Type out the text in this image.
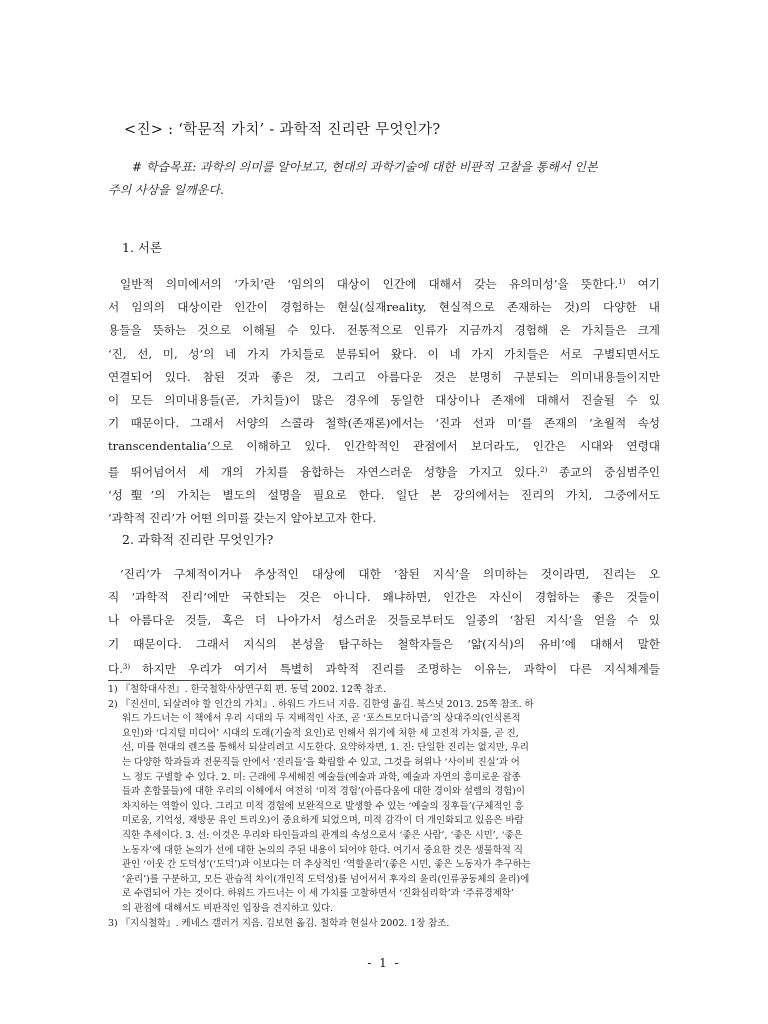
<진> : ‘학문적 가치’ - 과학적 진리란 무엇인가?
# 학습목표: 과학의 의미를 알아보고, 현대의 과학기술에 대한 비판적 고찰을 통해서 인본
주의 사상을 일깨운다.
1. 서론
일반적 의미에서의 ‘가치’란 ‘임의의 대상이 인간에 대해서 갖는 유의미성’을 뜻한다.$^{1)}$ 여기
서 임의의 대상이란 인간이 경험하는 현실(실재reality, 현실적으로 존재하는 것)의 다양한 내
용들을 뜻하는 것으로 이해될 수 있다. 전통적으로 인류가 지금까지 경험해 온 가치들은 크게
‘진, 선, 미, 성’의 네 가지 가치들로 분류되어 왔다. 이 네 가지 가치들은 서로 구별되면서도
연결되어 있다. 참된 것과 좋은 것, 그리고 아름다운 것은 분명히 구분되는 의미내용들이지만
이 모든 의미내용들(곧, 가치들)이 많은 경우에 동일한 대상이나 존재에 대해서 진술될 수 있
기 때문이다. 그래서 서양의 스콜라 철학(존재론)에서는 ‘진과 선과 미’를 존재의 ‘초월적 속성
transcendentalia’으로 이해하고 있다. 인간학적인 관점에서 보더라도, 인간은 시대와 연령대
를 뛰어넘어서 세 개의 가치를 융합하는 자연스러운 성향을 가지고 있다.$^{2)}$ 종교의 중심범주인
‘성聖’의 가치는 별도의 설명을 필요로 한다. 일단 본 강의에서는 진리의 가치, 그중에서도
‘과학적 진리’가 어떤 의미를 갖는지 알아보고자 한다.
2. 과학적 진리란 무엇인가?
‘진리’가 구체적이거나 추상적인 대상에 대한 ‘참된 지식’을 의미하는 것이라면, 진리는 오
직 ‘과학적 진리’에만 국한되는 것은 아니다. 왜냐하면, 인간은 자신이 경험하는 좋은 것들이
나 아름다운 것들, 혹은 더 나아가서 성스러운 것들로부터도 일종의 ‘참된 지식’을 얻을 수 있
기 때문이다. 그래서 지식의 본성을 탐구하는 철학자들은 ‘앎(지식)의 유비’에 대해서 말한
다.$^{3)}$ 하지만 우리가 여기서 특별히 과학적 진리를 조명하는 이유는, 과학이 다른 지식체계들
1) 『철학대사전』. 한국철학사상연구회 편. 동녘 2002. 12쪽 참조.
2) 『진선미, 되살려야 할 인간의 가치』. 하워드 가드너 지음. 김한영 옮김. 북스넛 2013. 25쪽 참조. 하
워드 가드너는 이 책에서 우리 시대의 두 지배적인 사조, 곧 ‘포스트모더니즘’의 상대주의(인식론적
요인)와 ‘디지털 미디어’ 시대의 도래(기술적 요인)로 인해서 위기에 처한 세 고전적 가치를, 곧 진,
선, 미를 현대의 렌즈를 통해서 되살리려고 시도한다. 요약하자면, 1. 진: 단일한 진리는 없지만, 우리
는 다양한 학과들과 전문직들 안에서 ‘진리들’을 확립할 수 있고, 그것을 허위나 ‘사이비 진실’과 어
느 정도 구별할 수 있다. 2. 미: 근래에 우세해진 예술들(예술과 과학, 예술과 자연의 흥미로운 잡종
들과 혼합물들)에 대한 우리의 이해에서 여전히 ‘미적 경험’(아름다움에 대한 경이와 설렘의 경험)이
차지하는 역할이 있다. 그리고 미적 경험에 보완적으로 발생할 수 있는 ‘예술의 징후들’(구체적인 흥
미로움, 기억성, 재방문 유인 트리오)이 중요하게 되었으며, 미적 감각이 더 개인화되고 있음은 바람
직한 추세이다. 3. 선: 이것은 우리와 타인들과의 관계의 속성으로서 ‘좋은 사람’, ‘좋은 시민’, ‘좋은
노동자’에 대한 논의가 선에 대한 논의의 주된 내용이 되어야 한다. 여기서 중요한 것은 생물학적 직
관인 ‘이웃 간 도덕성’(‘도덕’)과 이보다는 더 추상적인 ‘역할윤리’(좋은 시민, 좋은 노동자가 추구하는
‘윤리’)를 구분하고, 모든 관습적 차이(개인적 도덕성)를 넘어서서 후자의 윤리(인류공동체의 윤리)에
로 수렴되어 가는 것이다. 하워드 가드너는 이 세 가치를 고찰하면서 ‘진화심리학’과 ‘주류경제학’
의 관점에 대해서도 비판적인 입장을 견지하고 있다.
3) 『지식철학』. 케네스 갤러거 지음. 김보현 옮김. 철학과 현실사 2002. 1장 참조.
- 1 -
